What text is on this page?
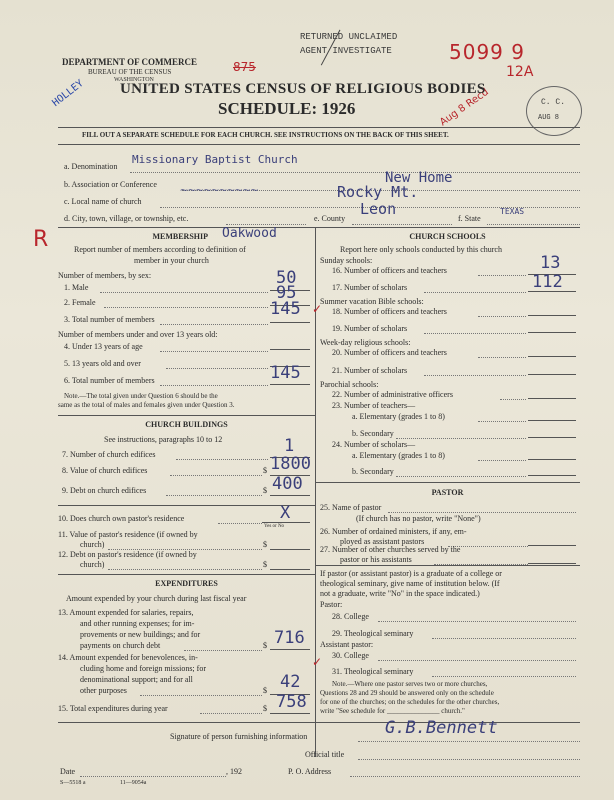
DEPARTMENT OF COMMERCE
BUREAU OF THE CENSUS
WASHINGTON
RETURNED UNCLAIMED
AGENT INVESTIGATE	5099 9
12A
875
HOLLEY	Aug 8 Recd	C. C.
AUG 8
UNITED STATES CENSUS OF RELIGIOUS BODIES
SCHEDULE: 1926
FILL OUT A SEPARATE SCHEDULE FOR EACH CHURCH. SEE INSTRUCTIONS ON THE BACK OF THIS SHEET.
a. Denomination
Missionary Baptist Church
b. Association or Conference	New Home
c. Local name of church
Rocky Mt.
~~~~~~~~~~
d. City, town, village, or township, etc.	e. County
Leon
f. State
TEXAS
R	MEMBERSHIP Oakwood
Report number of members according to definition of
member in your church
Number of members, by sex:
1. Male	50
2. Female	95
3. Total number of members
145
Number of members under and over 13 years old:
4. Under 13 years of age
5. 13 years old and over
6. Total number of members	145
Note.—The total given under Question 6 should be the
same as the total of males and females given under Question 3.
CHURCH BUILDINGS
See instructions, paragraphs 10 to 12
7. Number of church edifices	1
8. Value of church edifices	$ 1800
9. Debt on church edifices	$ 400
10. Does church own pastor's residence	X
Yes or No
11. Value of pastor's residence (if owned by
church)	$
12. Debt on pastor's residence (if owned by
church)	$
EXPENDITURES
Amount expended by your church during last fiscal year
13. Amount expended for salaries, repairs,
and other running expenses; for im-
provements or new buildings; and for
payments on church debt	$ 716
14. Amount expended for benevolences, in-
cluding home and foreign missions; for
denominational support; and for all
other purposes	$ 42
15. Total expenditures during year	$ 758
CHURCH SCHOOLS
Report here only schools conducted by this church
Sunday schools:
16. Number of officers and teachers	13
17. Number of scholars	112
Summer vacation Bible schools:
18. Number of officers and teachers
✓
19. Number of scholars
Week-day religious schools:
20. Number of officers and teachers
21. Number of scholars
Parochial schools:
22. Number of administrative officers
23. Number of teachers—
a. Elementary (grades 1 to 8)
b. Secondary
24. Number of scholars—
a. Elementary (grades 1 to 8)
b. Secondary
PASTOR
25. Name of pastor
(If church has no pastor, write "None")
26. Number of ordained ministers, if any, em-
ployed as assistant pastors
27. Number of other churches served by the
pastor or his assistants
If pastor (or assistant pastor) is a graduate of a college or
theological seminary, give name of institution below. (If
not a graduate, write "No" in the space indicated.)
Pastor:
28. College
29. Theological seminary
Assistant pastor:
30. College
31. Theological seminary
✓
Note.—Where one pastor serves two or more churches,
Questions 28 and 29 should be answered only on the schedule
for one of the churches; on the schedules for the other churches,
write "See schedule for _______________ church."
Signature of person furnishing information	G.B.Bennett
Official title
Date	, 192	P. O. Address
S—5518 a	11—9054a
